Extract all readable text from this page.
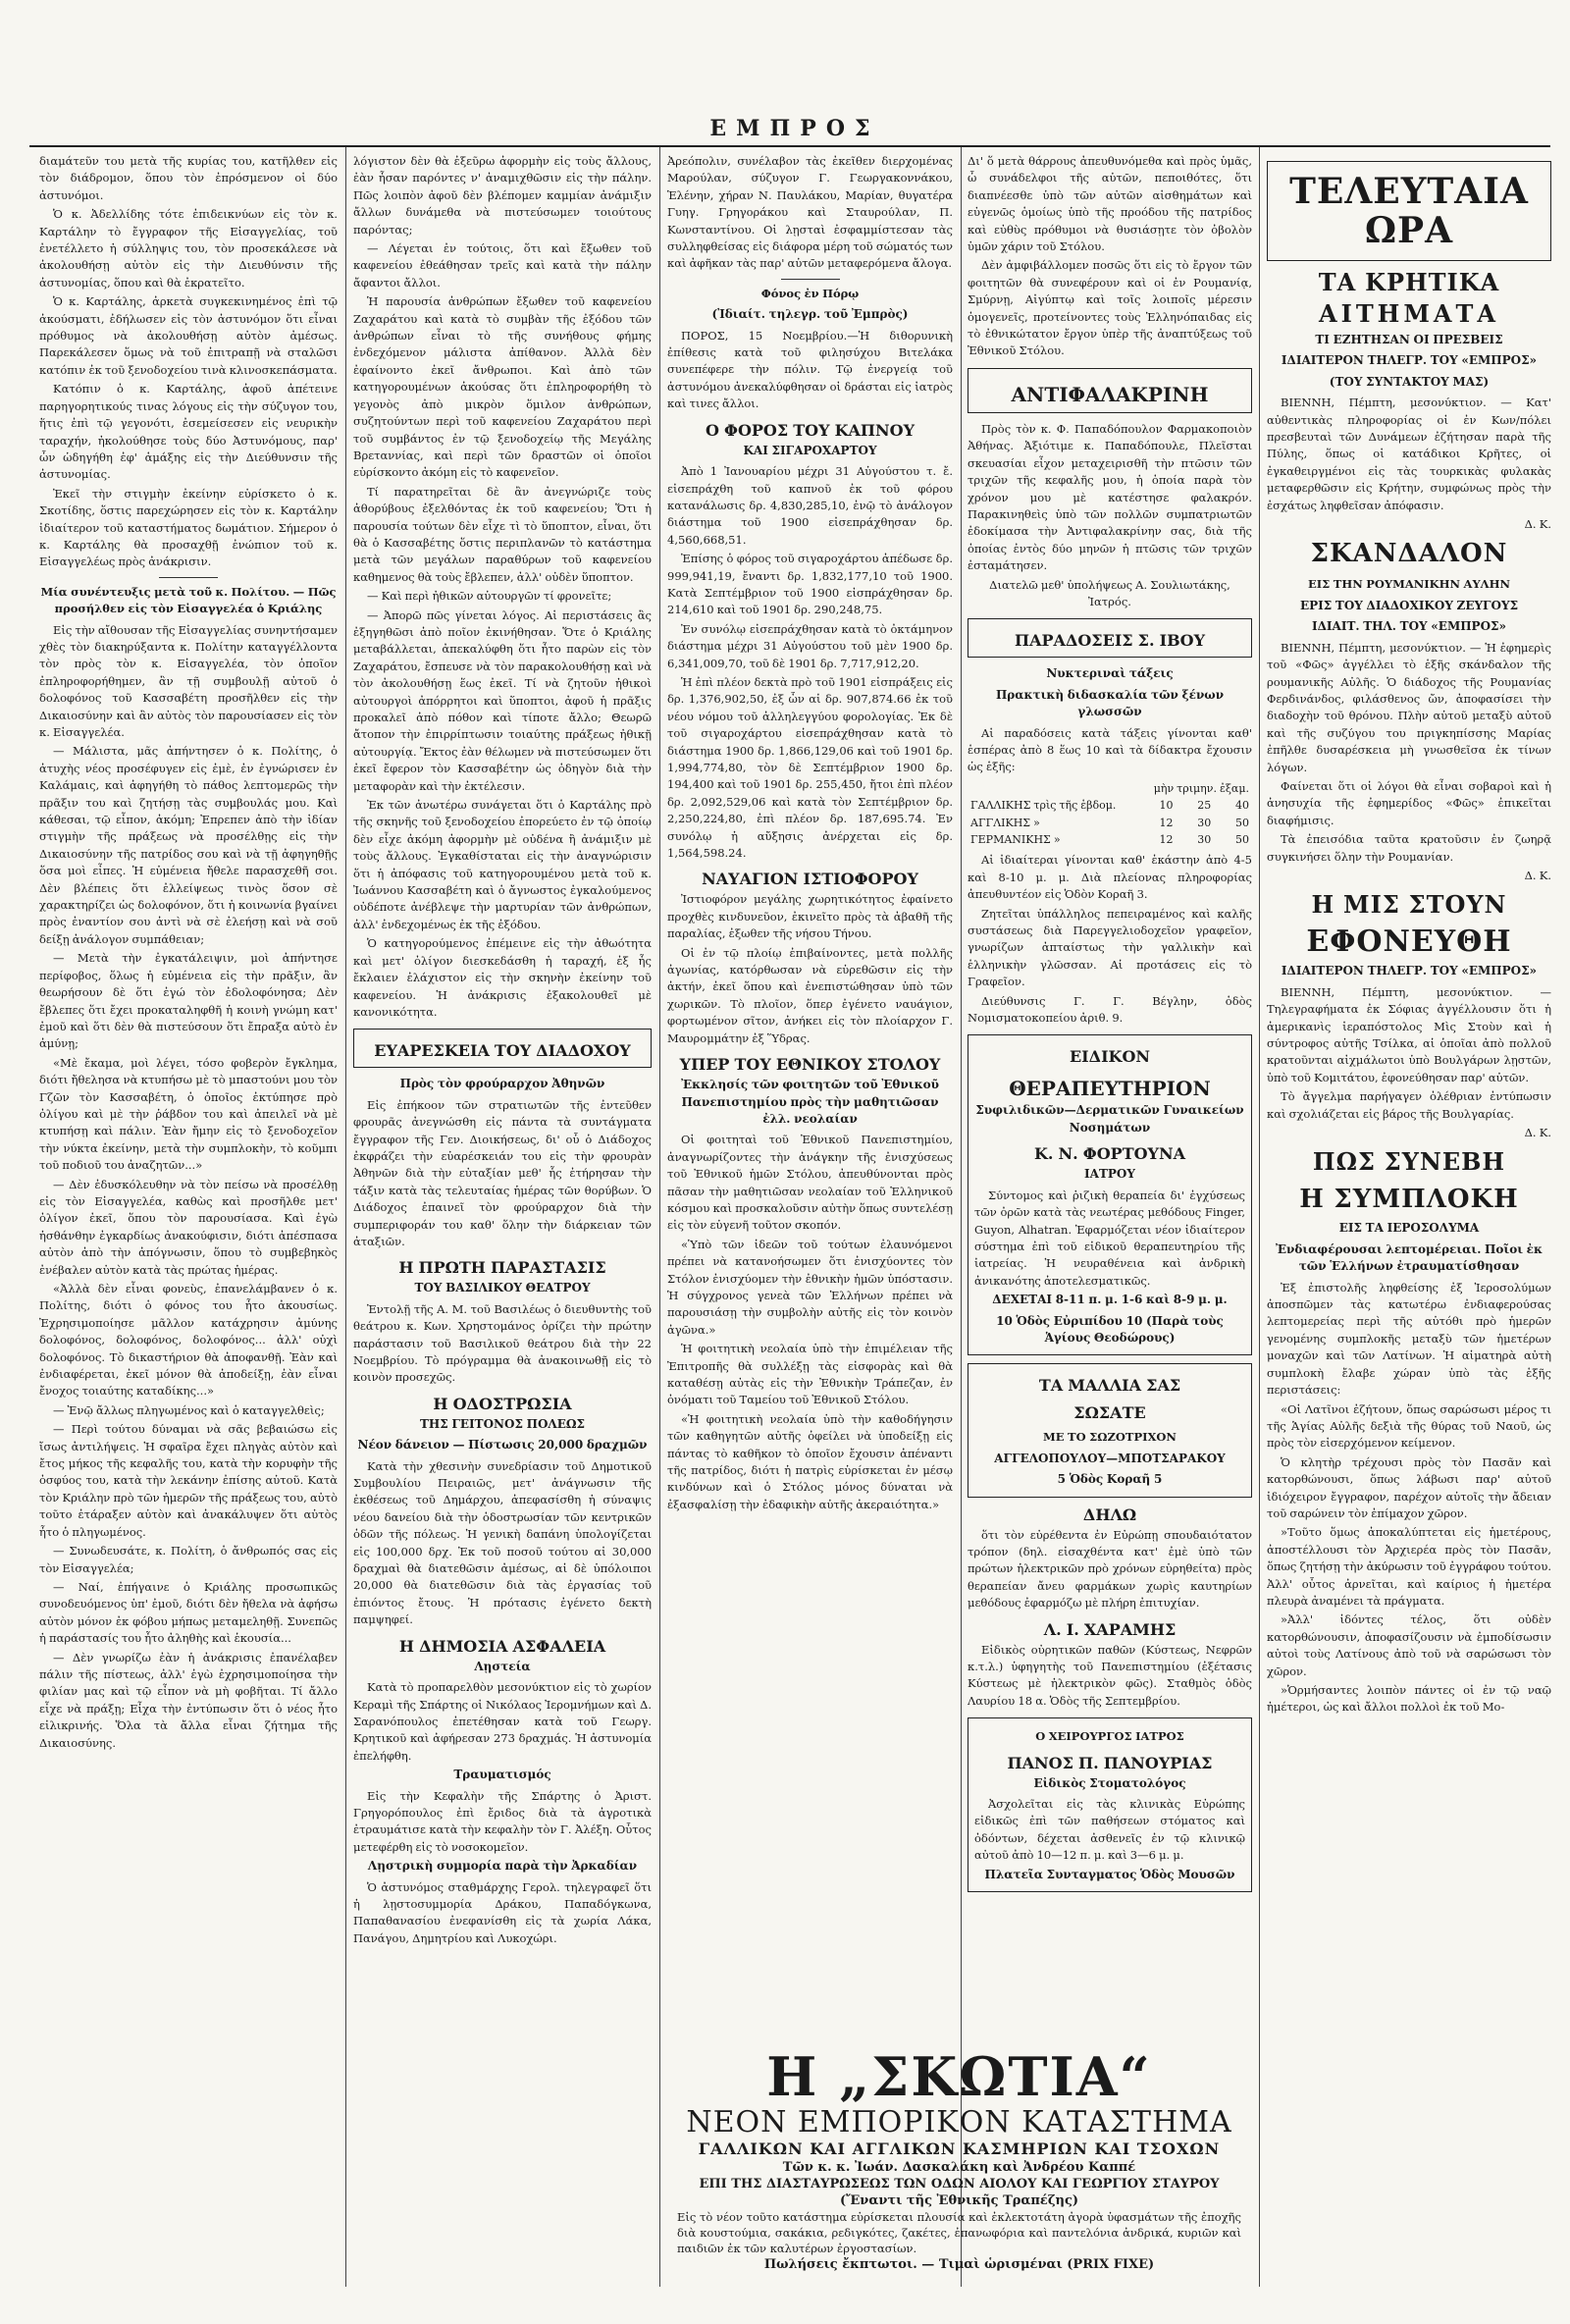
ΕΜΠΡΟΣ

διαμάτεῦν του μετὰ τῆς κυρίας του, κατῆλθεν εἰς τὸν διάδρομον, ὅπου τὸν ἐπρόσμενον οἱ δύο ἀστυνόμοι.

Ὁ κ. Ἀδελλίδης τότε ἐπιδεικνύων εἰς τὸν κ. Καρτάλην τὸ ἔγγραφον τῆς Εἰσαγγελίας, τοῦ ἐνετέλλετο ἡ σύλληψις του, τὸν προσεκάλεσε νὰ ἀκολουθήσῃ αὐτὸν εἰς τὴν Διευθύνσιν τῆς ἀστυνομίας, ὅπου καὶ θὰ ἐκρατεῖτο.

Ὁ κ. Καρτάλης, ἀρκετὰ συγκεκινημένος ἐπὶ τῷ ἀκούσματι, ἐδήλωσεν εἰς τὸν ἀστυνόμον ὅτι εἶναι πρόθυμος νὰ ἀκολουθήσῃ αὐτὸν ἀμέσως. Παρεκάλεσεν ὅμως νὰ τοῦ ἐπιτραπῇ νὰ σταλῶσι κατόπιν ἐκ τοῦ ξενοδοχείου τινὰ κλινοσκεπάσματα.

Κατόπιν ὁ κ. Καρτάλης, ἀφοῦ ἀπέτεινε παρηγορητικούς τινας λόγους εἰς τὴν σύζυγον του, ἥτις ἐπὶ τῷ γεγονότι, ἐσεμείσεσεν εἰς νευρικὴν ταραχήν, ἠκολούθησε τοὺς δύο Ἀστυνόμους, παρ' ὧν ὡδηγήθη ἐφ' ἁμάξης εἰς τὴν Διεύθυνσιν τῆς ἀστυνομίας.

Ἐκεῖ τὴν στιγμὴν ἐκείνην εὑρίσκετο ὁ κ. Σκοτίδης, ὅστις παρεχώρησεν εἰς τὸν κ. Καρτάλην ἰδιαίτερον τοῦ καταστήματος δωμάτιον. Σήμερον ὁ κ. Καρτάλης θὰ προσαχθῇ ἐνώπιον τοῦ κ. Εἰσαγγελέως πρὸς ἀνάκρισιν.

Μία συνέντευξις μετὰ τοῦ κ. Πολίτου. — Πῶς προσήλθεν εἰς τὸν Εἰσαγγελέα ὁ Κριάλης

Εἰς τὴν αἴθουσαν τῆς Εἰσαγγελίας συνηντήσαμεν χθὲς τὸν διακηρύξαντα κ. Πολίτην καταγγέλλοντα τὸν πρὸς τὸν κ. Εἰσαγγελέα, τὸν ὁποῖον ἐπληροφορήθημεν, ἂν τῇ συμβουλῇ αὐτοῦ ὁ δολοφόνος τοῦ Κασσαβέτη προσῆλθεν εἰς τὴν Δικαιοσύνην καὶ ἂν αὐτὸς τὸν παρουσίασεν εἰς τὸν κ. Εἰσαγγελέα.

— Μάλιστα, μᾶς ἀπήντησεν ὁ κ. Πολίτης, ὁ ἀτυχὴς νέος προσέφυγεν εἰς ἐμὲ, ἐν ἐγνώρισεν ἐν Καλάμαις, καὶ ἀφηγήθη τὸ πάθος λεπτομερῶς τὴν πρᾶξιν του καὶ ζητήσῃ τὰς συμβουλάς μου. Καὶ κάθεσαι, τῷ εἶπον, ἀκόμη; Ἐπρεπεν ἀπὸ τὴν ἰδίαν στιγμὴν τῆς πράξεως νὰ προσέλθῃς εἰς τὴν Δικαιοσύνην τῆς πατρίδος σου καὶ νὰ τῇ ἀφηγηθῇς ὅσα μοὶ εἶπες. Ἡ εὐμένεια ἤθελε παρασχεθῆ σοι. Δὲν βλέπεις ὅτι ἐλλείψεως τινὸς ὅσον σὲ χαρακτηρίζει ὡς δολοφόνον, ὅτι ἡ κοινωνία βγαίνει πρὸς ἐναντίον σου ἀντὶ νὰ σὲ ἐλεήσῃ καὶ νὰ σοῦ δείξῃ ἀνάλογον συμπάθειαν;

— Μετὰ τὴν ἐγκατάλειψιν, μοὶ ἀπήντησε περίφοβος, ὅλως ἡ εὐμένεια εἰς τὴν πρᾶξιν, ἂν θεωρήσουν δὲ ὅτι ἐγώ τὸν ἐδολοφόνησα; Δὲν ἔβλεπες ὅτι ἔχει προκαταληφθῆ ἡ κοινὴ γνώμη κατ' ἐμοῦ καὶ ὅτι δὲν θὰ πιστεύσουν ὅτι ἔπραξα αὐτὸ ἐν ἀμύνῃ;

«Μὲ ἔκαμα, μοὶ λέγει, τόσο φοβερὸν ἔγκλημα, διότι ἤθελησα νὰ κτυπήσω μὲ τὸ μπαστούνι μου τὸν Γζῶν τὸν Κασσαβέτη, ὁ ὁποῖος ἐκτύπησε πρὸ ὀλίγου καὶ μὲ τὴν ῥάβδον του καὶ ἀπειλεῖ νὰ μὲ κτυπήσῃ καὶ πάλιν. Ἐὰν ἤμην εἰς τὸ ξενοδοχεῖον τὴν νύκτα ἐκείνην, μετὰ τὴν συμπλοκὴν, τὸ κοῦμπι τοῦ ποδιοῦ του ἀναζητῶν...»

— Δὲν ἐδυσκόλευθην νὰ τὸν πείσω νὰ προσέλθῃ εἰς τὸν Εἰσαγγελέα, καθὼς καὶ προσῆλθε μετ' ὀλίγον ἐκεῖ, ὅπου τὸν παρουσίασα. Καὶ ἐγὼ ἠσθάνθην ἐγκαρδίως ἀνακούφισιν, διότι ἀπέσπασα αὐτὸν ἀπὸ τὴν ἀπόγνωσιν, ὅπου τὸ συμβεβηκὸς ἐνέβαλεν αὐτὸν κατὰ τὰς πρώτας ἡμέρας.

«Ἀλλὰ δὲν εἶναι φονεὺς, ἐπανελάμβανεν ὁ κ. Πολίτης, διότι ὁ φόνος του ἦτο ἀκουσίως. Ἐχρησιμοποίησε μᾶλλον κατάχρησιν ἀμύνης δολοφόνος, δολοφόνος, δολοφόνος... ἀλλ' οὐχὶ δολοφόνος. Τὸ δικαστήριον θὰ ἀποφανθῇ. Ἐὰν καὶ ἐνδιαφέρεται, ἐκεῖ μόνον θὰ ἀποδείξῃ, ἐὰν εἶναι ἔνοχος τοιαύτης καταδίκης...»

— Ἐνῷ ἄλλως πληγωμένος καὶ ὁ καταγγελθεὶς;

— Περὶ τούτου δύναμαι νὰ σᾶς βεβαιώσω εἰς ἴσως ἀντιλήψεις. Ἡ σφαῖρα ἔχει πληγὰς αὐτὸν καὶ ἔτος μήκος τῆς κεφαλῆς του, κατὰ τὴν κορυφὴν τῆς ὀσφύος του, κατὰ τὴν λεκάνην ἐπίσης αὐτοῦ. Κατὰ τὸν Κριάλην πρὸ τῶν ἡμερῶν τῆς πράξεως του, αὐτὸ τοῦτο ἐτάραξεν αὐτὸν καὶ ἀνακάλυψεν ὅτι αὐτὸς ἦτο ὁ πληγωμένος.

— Συνωδευσάτε, κ. Πολίτη, ὁ ἄνθρωπός σας εἰς τὸν Εἰσαγγελέα;

— Ναί, ἐπήγαινε ὁ Κριάλης προσωπικῶς συνοδευόμενος ὑπ' ἐμοῦ, διότι δὲν ἤθελα νὰ ἀφήσω αὐτὸν μόνον ἐκ φόβου μήπως μεταμεληθῇ. Συνεπῶς ἡ παράστασίς του ἦτο ἀληθὴς καὶ ἑκουσία...

— Δὲν γνωρίζω ἐὰν ἡ ἀνάκρισις ἐπανέλαβεν πάλιν τῆς πίστεως, ἀλλ' ἐγὼ ἐχρησιμοποίησα τὴν φιλίαν μας καὶ τῷ εἶπον νὰ μὴ φοβῆται. Τί ἄλλο εἶχε νὰ πράξῃ; Εἶχα τὴν ἐντύπωσιν ὅτι ὁ νέος ἦτο εἰλικρινής. Ὅλα τὰ ἄλλα εἶναι ζήτημα τῆς Δικαιοσύνης.

λόγιστον δὲν θὰ ἐξεῦρω ἀφορμὴν εἰς τοὺς ἄλλους, ἐὰν ἦσαν παρόντες ν' ἀναμιχθῶσιν εἰς τὴν πάλην. Πῶς λοιπὸν ἀφοῦ δὲν βλέπομεν καμμίαν ἀνάμιξιν ἄλλων δυνάμεθα νὰ πιστεύσωμεν τοιούτους παρόντας;

— Λέγεται ἐν τούτοις, ὅτι καὶ ἔξωθεν τοῦ καφενείου ἐθεάθησαν τρεῖς καὶ κατὰ τὴν πάλην ἄφαντοι ἄλλοι.

Ἡ παρουσία ἀνθρώπων ἔξωθεν τοῦ καφενείου Ζαχαράτου καὶ κατὰ τὸ συμβὰν τῆς ἐξόδου τῶν ἀνθρώπων εἶναι τὸ τῆς συνήθους φήμης ἐνδεχόμενον μάλιστα ἀπίθανον. Ἀλλὰ δὲν ἐφαίνοντο ἐκεῖ ἄνθρωποι. Καὶ ἀπὸ τῶν κατηγορουμένων ἀκούσας ὅτι ἐπληροφορήθη τὸ γεγονὸς ἀπὸ μικρὸν ὅμιλον ἀνθρώπων, συζητούντων περὶ τοῦ καφενείου Ζαχαράτου περὶ τοῦ συμβάντος ἐν τῷ ξενοδοχείῳ τῆς Μεγάλης Βρεταννίας, καὶ περὶ τῶν δραστῶν οἱ ὁποῖοι εὑρίσκοντο ἀκόμη εἰς τὸ καφενεῖον.

Τί παρατηρεῖται δὲ ἂν ἀνεγνώριζε τοὺς ἀθορύβους ἐξελθόντας ἐκ τοῦ καφενείου; Ὅτι ἡ παρουσία τούτων δὲν εἶχε τὶ τὸ ὕποπτον, εἶναι, ὅτι θὰ ὁ Κασσαβέτης ὅστις περιπλανῶν τὸ κατάστημα μετὰ τῶν μεγάλων παραθύρων τοῦ καφενείου καθημενος θὰ τοὺς ἔβλεπεν, ἀλλ' οὐδὲν ὕποπτον.

— Καὶ περὶ ἠθικῶν αὐτουργῶν τί φρονεῖτε;

— Ἀπορῶ πῶς γίνεται λόγος. Αἱ περιστάσεις ἂς ἐξηγηθῶσι ἀπὸ ποῖον ἐκινήθησαν. Ὅτε ὁ Κριάλης μεταβάλλεται, ἀπεκαλύφθη ὅτι ἦτο παρὼν εἰς τὸν Ζαχαράτου, ἔσπευσε νὰ τὸν παρακολουθήσῃ καὶ νὰ τὸν ἀκολουθήσῃ ἕως ἐκεῖ. Τί νὰ ζητοῦν ἠθικοὶ αὐτουργοὶ ἀπόρρητοι καὶ ὕποπτοι, ἀφοῦ ἡ πρᾶξις προκαλεῖ ἀπὸ πόθον καὶ τίποτε ἄλλο; Θεωρῶ ἄτοπον τὴν ἐπιρρίπτωσιν τοιαύτης πράξεως ἠθικῇ αὐτουργίᾳ. Ἔκτος ἐὰν θέλωμεν νὰ πιστεύσωμεν ὅτι ἐκεῖ ἔφερον τὸν Κασσαβέτην ὡς ὁδηγὸν διὰ τὴν μεταφορὰν καὶ τὴν ἐκτέλεσιν.

Ἐκ τῶν ἀνωτέρω συνάγεται ὅτι ὁ Καρτάλης πρὸ τῆς σκηνῆς τοῦ ξενοδοχείου ἐπορεύετο ἐν τῷ ὁποίῳ δὲν εἶχε ἀκόμη ἀφορμὴν μὲ οὐδένα ἢ ἀνάμιξιν μὲ τοὺς ἄλλους. Ἐγκαθίσταται εἰς τὴν ἀναγνώρισιν ὅτι ἡ ἀπόφασις τοῦ κατηγορουμένου μετὰ τοῦ κ. Ἰωάννου Κασσαβέτη καὶ ὁ ἄγνωστος ἐγκαλούμενος οὐδέποτε ἀνέβλεψε τὴν μαρτυρίαν τῶν ἀνθρώπων, ἀλλ' ἐνδεχομένως ἐκ τῆς ἐξόδου.

Ὁ κατηγορούμενος ἐπέμεινε εἰς τὴν ἀθωότητα καὶ μετ' ὀλίγον διεσκεδάσθη ἡ ταραχή, ἐξ ἧς ἔκλαιεν ἐλάχιστον εἰς τὴν σκηνὴν ἐκείνην τοῦ καφενείου. Ἡ ἀνάκρισις ἐξακολουθεῖ μὲ κανονικότητα.

ΕΥΑΡΕΣΚΕΙΑ ΤΟΥ ΔΙΑΔΟΧΟΥ

Πρὸς τὸν φρούραρχον Ἀθηνῶν

Εἰς ἐπήκοον τῶν στρατιωτῶν τῆς ἐντεῦθεν φρουρᾶς ἀνεγνώσθη εἰς πάντα τὰ συντάγματα ἔγγραφον τῆς Γεν. Διοικήσεως, δι' οὗ ὁ Διάδοχος ἐκφράζει τὴν εὐαρέσκειάν του εἰς τὴν φρουρὰν Ἀθηνῶν διὰ τὴν εὐταξίαν μεθ' ἧς ἐτήρησαν τὴν τάξιν κατὰ τὰς τελευταίας ἡμέρας τῶν θορύβων. Ὁ Διάδοχος ἐπαινεῖ τὸν φρούραρχον διὰ τὴν συμπεριφοράν του καθ' ὅλην τὴν διάρκειαν τῶν ἀταξιῶν.

Η ΠΡΩΤΗ ΠΑΡΑΣΤΑΣΙΣ

ΤΟΥ ΒΑΣΙΛΙΚΟΥ ΘΕΑΤΡΟΥ

Ἐντολῇ τῆς Α. Μ. τοῦ Βασιλέως ὁ διευθυντὴς τοῦ θεάτρου κ. Κων. Χρηστομάνος ὁρίζει τὴν πρώτην παράστασιν τοῦ Βασιλικοῦ θεάτρου διὰ τὴν 22 Νοεμβρίου. Τὸ πρόγραμμα θὰ ἀνακοινωθῇ εἰς τὸ κοινὸν προσεχῶς.

Η ΟΔΟΣΤΡΩΣΙΑ

ΤΗΣ ΓΕΙΤΟΝΟΣ ΠΟΛΕΩΣ

Νέον δάνειον — Πίστωσις 20,000 δραχμῶν

Κατὰ τὴν χθεσινὴν συνεδρίασιν τοῦ Δημοτικοῦ Συμβουλίου Πειραιῶς, μετ' ἀνάγνωσιν τῆς ἐκθέσεως τοῦ Δημάρχου, ἀπεφασίσθη ἡ σύναψις νέου δανείου διὰ τὴν ὁδοστρωσίαν τῶν κεντρικῶν ὁδῶν τῆς πόλεως. Ἡ γενικὴ δαπάνη ὑπολογίζεται εἰς 100,000 δρχ. Ἐκ τοῦ ποσοῦ τούτου αἱ 30,000 δραχμαὶ θὰ διατεθῶσιν ἀμέσως, αἱ δὲ ὑπόλοιποι 20,000 θὰ διατεθῶσιν διὰ τὰς ἐργασίας τοῦ ἐπιόντος ἔτους. Ἡ πρότασις ἐγένετο δεκτὴ παμψηφεί.

Η ΔΗΜΟΣΙΑ ΑΣΦΑΛΕΙΑ

Λῃστεία

Κατὰ τὸ προπαρελθὸν μεσονύκτιον εἰς τὸ χωρίον Κεραμὶ τῆς Σπάρτης οἱ Νικόλαος Ἰερομνήμων καὶ Δ. Σαρανόπουλος ἐπετέθησαν κατὰ τοῦ Γεωργ. Κρητικοῦ καὶ ἀφήρεσαν 273 δραχμάς. Ἡ ἀστυνομία ἐπελήφθη.

Τραυματισμός

Εἰς τὴν Κεφαλὴν τῆς Σπάρτης ὁ Ἀριστ. Γρηγορόπουλος ἐπὶ ἔριδος διὰ τὰ ἀγροτικὰ ἐτραυμάτισε κατὰ τὴν κεφαλὴν τὸν Γ. Ἀλέξη. Οὗτος μετεφέρθη εἰς τὸ νοσοκομεῖον.

Λῃστρικὴ συμμορία παρὰ τὴν Ἀρκαδίαν

Ὁ ἀστυνόμος σταθμάρχης Γερολ. τηλεγραφεῖ ὅτι ἡ λῃστοσυμμορία Δράκου, Παπαδόγκωνα, Παπαθανασίου ἐνεφανίσθη εἰς τὰ χωρία Λάκα, Πανάγου, Δημητρίου καὶ Λυκοχώρι.

Ἀρεόπολιν, συνέλαβον τὰς ἐκεῖθεν διερχομένας Μαρούλαν, σύζυγον Γ. Γεωργακοννάκου, Ἑλένην, χήραν Ν. Παυλάκου, Μαρίαν, θυγατέρα Γυηγ. Γρηγοράκου καὶ Σταυρούλαν, Π. Κωνσταντίνου. Οἱ λῃσταὶ ἐσφαμμίστεσαν τὰς συλληφθείσας εἰς διάφορα μέρη τοῦ σώματός των καὶ ἀφῆκαν τὰς παρ' αὐτῶν μεταφερόμενα ἄλογα.

Φόνος ἐν Πόρῳ

(Ἰδιαίτ. τηλεγρ. τοῦ Ἐμπρὸς)

ΠΟΡΟΣ, 15 Νοεμβρίου.—Ἡ διθορυνικὴ ἐπίθεσις κατὰ τοῦ φιλησύχου Βιτελάκα συνεπέφερε τὴν πόλιν. Τῷ ἐνεργείᾳ τοῦ ἀστυνόμου ἀνεκαλύφθησαν οἱ δράσται εἰς ἰατρὸς καὶ τινες ἄλλοι.

Ο ΦΟΡΟΣ ΤΟΥ ΚΑΠΝΟΥ

ΚΑΙ ΣΙΓΑΡΟΧΑΡΤΟΥ

Ἀπὸ 1 Ἰανουαρίου μέχρι 31 Αὐγούστου τ. ἔ. εἰσεπράχθη τοῦ καπνοῦ ἐκ τοῦ φόρου κατανάλωσις δρ. 4,830,285,10, ἐνῷ τὸ ἀνάλογον διάστημα τοῦ 1900 εἰσεπράχθησαν δρ. 4,560,668,51.

Ἐπίσης ὁ φόρος τοῦ σιγαροχάρτου ἀπέδωσε δρ. 999,941,19, ἔναντι δρ. 1,832,177,10 τοῦ 1900. Κατὰ Σεπτέμβριον τοῦ 1900 εἰσπράχθησαν δρ. 214,610 καὶ τοῦ 1901 δρ. 290,248,75.

Ἐν συνόλῳ εἰσεπράχθησαν κατὰ τὸ ὀκτάμηνον διάστημα μέχρι 31 Αὐγούστου τοῦ μὲν 1900 δρ. 6,341,009,70, τοῦ δὲ 1901 δρ. 7,717,912,20.

Ἡ ἐπὶ πλέον δεκτὰ πρὸ τοῦ 1901 εἰσπράξεις εἰς δρ. 1,376,902,50, ἐξ ὧν αἱ δρ. 907,874.66 ἐκ τοῦ νέου νόμου τοῦ ἀλληλεγγύου φορολογίας. Ἐκ δὲ τοῦ σιγαροχάρτου εἰσεπράχθησαν κατὰ τὸ διάστημα 1900 δρ. 1,866,129,06 καὶ τοῦ 1901 δρ. 1,994,774,80, τὸν δὲ Σεπτέμβριον 1900 δρ. 194,400 καὶ τοῦ 1901 δρ. 255,450, ἤτοι ἐπὶ πλέον δρ. 2,092,529,06 καὶ κατὰ τὸν Σεπτέμβριον δρ. 2,250,224,80, ἐπὶ πλέον δρ. 187,695.74. Ἐν συνόλῳ ἡ αὔξησις ἀνέρχεται εἰς δρ. 1,564,598.24.

ΝΑΥΑΓΙΟΝ ΙΣΤΙΟΦΟΡΟΥ

Ἰστιοφόρον μεγάλης χωρητικότητος ἐφαίνετο προχθὲς κινδυνεῦον, ἐκινεῖτο πρὸς τὰ ἀβαθῆ τῆς παραλίας, ἐξωθεν τῆς νήσου Τήνου.

Οἱ ἐν τῷ πλοίῳ ἐπιβαίνοντες, μετὰ πολλῆς ἀγωνίας, κατόρθωσαν νὰ εὑρεθῶσιν εἰς τὴν ἀκτήν, ἐκεῖ ὅπου καὶ ἐνεπιστώθησαν ὑπὸ τῶν χωρικῶν. Τὸ πλοῖον, ὅπερ ἐγένετο ναυάγιον, φορτωμένον σῖτον, ἀνήκει εἰς τὸν πλοίαρχον Γ. Μαυρομμάτην ἐξ Ὕδρας.

ΥΠΕΡ ΤΟΥ ΕΘΝΙΚΟΥ ΣΤΟΛΟΥ

Ἐκκλησίς τῶν φοιτητῶν τοῦ Ἐθνικοῦ Πανεπιστημίου πρὸς τὴν μαθητιῶσαν ἐλλ. νεολαίαν

Οἱ φοιτηταὶ τοῦ Ἐθνικοῦ Πανεπιστημίου, ἀναγνωρίζοντες τὴν ἀνάγκην τῆς ἐνισχύσεως τοῦ Ἐθνικοῦ ἡμῶν Στόλου, ἀπευθύνονται πρὸς πᾶσαν τὴν μαθητιῶσαν νεολαίαν τοῦ Ἑλληνικοῦ κόσμου καὶ προσκαλοῦσιν αὐτὴν ὅπως συντελέσῃ εἰς τὸν εὐγενῆ τοῦτον σκοπόν.

«Ὑπὸ τῶν ἰδεῶν τοῦ τούτων ἐλαυνόμενοι πρέπει νὰ κατανοήσωμεν ὅτι ἐνισχύοντες τὸν Στόλον ἐνισχύομεν τὴν ἐθνικὴν ἡμῶν ὑπόστασιν. Ἡ σύγχρονος γενεὰ τῶν Ἑλλήνων πρέπει νὰ παρουσιάσῃ τὴν συμβολὴν αὐτῆς εἰς τὸν κοινὸν ἀγῶνα.»

Ἡ φοιτητικὴ νεολαία ὑπὸ τὴν ἐπιμέλειαν τῆς Ἐπιτροπῆς θὰ συλλέξῃ τὰς εἰσφορὰς καὶ θὰ καταθέσῃ αὐτὰς εἰς τὴν Ἐθνικὴν Τράπεζαν, ἐν ὀνόματι τοῦ Ταμείου τοῦ Ἐθνικοῦ Στόλου.

«Ἡ φοιτητικὴ νεολαία ὑπὸ τὴν καθοδήγησιν τῶν καθηγητῶν αὐτῆς ὀφείλει νὰ ὑποδείξῃ εἰς πάντας τὸ καθῆκον τὸ ὁποῖον ἔχουσιν ἀπέναντι τῆς πατρίδος, διότι ἡ πατρὶς εὑρίσκεται ἐν μέσῳ κινδύνων καὶ ὁ Στόλος μόνος δύναται νὰ ἐξασφαλίσῃ τὴν ἐδαφικὴν αὐτῆς ἀκεραιότητα.»

Δι' ὅ μετὰ θάρρους ἀπευθυνόμεθα καὶ πρὸς ὑμᾶς, ὦ συνάδελφοι τῆς αὐτῶν, πεποιθότες, ὅτι διαπνέεσθε ὑπὸ τῶν αὐτῶν αἰσθημάτων καὶ εὐγενῶς ὁμοίως ὑπὸ τῆς προόδου τῆς πατρίδος καὶ εὐθὺς πρόθυμοι νὰ θυσιάσῃτε τὸν ὀβολὸν ὑμῶν χάριν τοῦ Στόλου.

Δὲν ἀμφιβάλλομεν ποσῶς ὅτι εἰς τὸ ἔργον τῶν φοιτητῶν θὰ συνεφέρουν καὶ οἱ ἐν Ρουμανίᾳ, Σμύρνῃ, Αἰγύπτῳ καὶ τοῖς λοιποῖς μέρεσιν ὁμογενεῖς, προτείνοντες τοὺς Ἑλληνόπαιδας εἰς τὸ ἐθνικώτατον ἔργον ὑπὲρ τῆς ἀναπτύξεως τοῦ Ἐθνικοῦ Στόλου.

ΑΝΤΙΦΑΛΑΚΡΙΝΗ

Πρὸς τὸν κ. Φ. Παπαδόπουλον Φαρμακοποιὸν Ἀθήνας. Ἀξιότιμε κ. Παπαδόπουλε, Πλεῖσται σκευασίαι εἶχον μεταχειρισθῆ τὴν πτῶσιν τῶν τριχῶν τῆς κεφαλῆς μου, ἡ ὁποία παρὰ τὸν χρόνον μου μὲ κατέστησε φαλακρόν. Παρακινηθεὶς ὑπὸ τῶν πολλῶν συμπατριωτῶν ἐδοκίμασα τὴν Ἀντιφαλακρίνην σας, διὰ τῆς ὁποίας ἐντὸς δύο μηνῶν ἡ πτῶσις τῶν τριχῶν ἐσταμάτησεν.

Διατελῶ μεθ' ὑπολήψεως Α. Σουλιωτάκης, Ἰατρός.

ΠΑΡΑΔΟΣΕΙΣ Σ. ΙΒΟΥ

Νυκτεριναὶ τάξεις

Πρακτικὴ διδασκαλία τῶν ξένων γλωσσῶν

Αἱ παραδόσεις κατὰ τάξεις γίνονται καθ' ἑσπέρας ἀπὸ 8 ἕως 10 καὶ τὰ δίδακτρα ἔχουσιν ὡς ἑξῆς:

	μὴν τριμην. ἐξαμ.		
ΓΑΛΛΙΚΗΣ τρὶς τῆς ἑβδομ.	10	25	40
ΑΓΓΛΙΚΗΣ »	12	30	50
ΓΕΡΜΑΝΙΚΗΣ »	12	30	50

Αἱ ἰδιαίτεραι γίνονται καθ' ἑκάστην ἀπὸ 4-5 καὶ 8-10 μ. μ. Διὰ πλείονας πληροφορίας ἀπευθυντέον εἰς Ὁδὸν Κοραῆ 3.

Ζητεῖται ὑπάλληλος πεπειραμένος καὶ καλῆς συστάσεως διὰ Παρεγγελιοδοχεῖον γραφεῖον, γνωρίζων ἀπταίστως τὴν γαλλικὴν καὶ ἑλληνικὴν γλῶσσαν. Αἱ προτάσεις εἰς τὸ Γραφεῖον.

Διεύθυνσις Γ. Γ. Βέγλην, ὁδὸς Νομισματοκοπείου ἀριθ. 9.

ΕΙΔΙΚΟΝ

ΘΕΡΑΠΕΥΤΗΡΙΟΝ

Συφιλιδικῶν—Δερματικῶν Γυναικείων Νοσημάτων

Κ. Ν. ΦΟΡΤΟΥΝΑ

ΙΑΤΡΟΥ

Σύντομος καὶ ῥιζικὴ θεραπεία δι' ἐγχύσεως τῶν ὀρῶν κατὰ τὰς νεωτέρας μεθόδους Finger, Guyon, Alhatran. Ἐφαρμόζεται νέον ἰδιαίτερον σύστημα ἐπὶ τοῦ εἰδικοῦ θεραπευτηρίου τῆς ἰατρείας. Ἡ νευραθένεια καὶ ἀνδρικὴ ἀνικανότης ἀποτελεσματικῶς.

ΔΕΧΕΤΑΙ 8-11 π. μ. 1-6 καὶ 8-9 μ. μ.

10 Ὁδὸς Εὐριπίδου 10 (Παρὰ τοὺς Ἁγίους Θεοδώρους)

ΤΑ ΜΑΛΛΙΑ ΣΑΣ

ΣΩΣΑΤΕ

ΜΕ ΤΟ ΣΩΖΟΤΡΙΧΟΝ

ΑΓΓΕΛΟΠΟΥΛΟΥ—ΜΠΟΤΣΑΡΑΚΟΥ

5 Ὁδὸς Κοραῆ 5

ΔΗΛΩ

ὅτι τὸν εὐρέθεντα ἐν Εὐρώπῃ σπουδαιότατον τρόπον (δηλ. εἰσαχθέντα κατ' ἐμὲ ὑπὸ τῶν πρώτων ἡλεκτρικῶν πρὸ χρόνων εὑρηθείτα) πρὸς θεραπείαν ἄνευ φαρμάκων χωρὶς καυτηρίων μεθόδους ἐφαρμόζω μὲ πλήρη ἐπιτυχίαν.

Λ. Ι. ΧΑΡΑΜΗΣ

Εἰδικὸς οὐρητικῶν παθῶν (Κύστεως, Νεφρῶν κ.τ.λ.) ὑφηγητὴς τοῦ Πανεπιστημίου (ἐξέτασις Κύστεως μὲ ἡλεκτρικὸν φῶς). Σταθμὸς ὁδὸς Λαυρίου 18 α. Ὁδὸς τῆς Σεπτεμβρίου.

Ο ΧΕΙΡΟΥΡΓΟΣ ΙΑΤΡΟΣ

ΠΑΝΟΣ Π. ΠΑΝΟΥΡΙΑΣ

Εἰδικὸς Στοματολόγος

Ἀσχολεῖται εἰς τὰς κλινικὰς Εὐρώπης εἰδικῶς ἐπὶ τῶν παθήσεων στόματος καὶ ὀδόντων, δέχεται ἀσθενεῖς ἐν τῷ κλινικῷ αὐτοῦ ἀπὸ 10—12 π. μ. καὶ 3—6 μ. μ.

Πλατεῖα Συνταγματος Ὁδὸς Μουσῶν

ΤΕΛΕΥΤΑΙΑ ΩΡΑ

ΤΑ ΚΡΗΤΙΚΑ

ΑΙΤΗΜΑΤΑ

ΤΙ ΕΖΗΤΗΣΑΝ ΟΙ ΠΡΕΣΒΕΙΣ

ΙΔΙΑΙΤΕΡΟΝ ΤΗΛΕΓΡ. ΤΟΥ «ΕΜΠΡΟΣ»

(ΤΟΥ ΣΥΝΤΑΚΤΟΥ ΜΑΣ)

ΒΙΕΝΝΗ, Πέμπτη, μεσονύκτιον. — Κατ' αὐθεντικὰς πληροφορίας οἱ ἐν Κων/πόλει πρεσβευταὶ τῶν Δυνάμεων ἐζήτησαν παρὰ τῆς Πύλης, ὅπως οἱ κατάδικοι Κρῆτες, οἱ ἐγκαθειργμένοι εἰς τὰς τουρκικὰς φυλακὰς μεταφερθῶσιν εἰς Κρήτην, συμφώνως πρὸς τὴν ἐσχάτως ληφθεῖσαν ἀπόφασιν.

Δ. Κ.

ΣΚΑΝΔΑΛΟΝ

ΕΙΣ ΤΗΝ ΡΟΥΜΑΝΙΚΗΝ ΑΥΛΗΝ

ΕΡΙΣ ΤΟΥ ΔΙΑΔΟΧΙΚΟΥ ΖΕΥΓΟΥΣ

ΙΔΙΑΙΤ. ΤΗΛ. ΤΟΥ «ΕΜΠΡΟΣ»

ΒΙΕΝΝΗ, Πέμπτη, μεσονύκτιον. — Ἡ ἐφημερὶς τοῦ «Φῶς» ἀγγέλλει τὸ ἑξῆς σκάνδαλον τῆς ρουμανικῆς Αὐλῆς. Ὁ διάδοχος τῆς Ρουμανίας Φερδινάνδος, φιλάσθενος ὤν, ἀποφασίσει τὴν διαδοχὴν τοῦ θρόνου. Πλὴν αὐτοῦ μεταξὺ αὐτοῦ καὶ τῆς συζύγου του πριγκηπίσσης Μαρίας ἐπῆλθε δυσαρέσκεια μὴ γνωσθεῖσα ἐκ τίνων λόγων.

Φαίνεται ὅτι οἱ λόγοι θὰ εἶναι σοβαροὶ καὶ ἡ ἀνησυχία τῆς ἐφημερίδος «Φῶς» ἐπικεῖται διαφήμισις.

Τὰ ἐπεισόδια ταῦτα κρατοῦσιν ἐν ζωηρᾷ συγκινήσει ὅλην τὴν Ρουμανίαν.

Δ. Κ.

Η ΜΙΣ ΣΤΟΥΝ

ΕΦΟΝΕΥΘΗ

ΙΔΙΑΙΤΕΡΟΝ ΤΗΛΕΓΡ. ΤΟΥ «ΕΜΠΡΟΣ»

ΒΙΕΝΝΗ, Πέμπτη, μεσονύκτιον. — Τηλεγραφήματα ἐκ Σόφιας ἀγγέλλουσιν ὅτι ἡ ἀμερικανὶς ἱεραπόστολος Μὶς Στοὺν καὶ ἡ σύντροφος αὐτῆς Τσίλκα, αἱ ὁποῖαι ἀπὸ πολλοῦ κρατοῦνται αἰχμάλωτοι ὑπὸ Βουλγάρων λῃστῶν, ὑπὸ τοῦ Κομιτάτου, ἐφονεύθησαν παρ' αὐτῶν.

Τὸ ἄγγελμα παρήγαγεν ὀλέθριαν ἐντύπωσιν καὶ σχολιάζεται εἰς βάρος τῆς Βουλγαρίας.

Δ. Κ.

ΠΩΣ ΣΥΝΕΒΗ

Η ΣΥΜΠΛΟΚΗ

ΕΙΣ ΤΑ ΙΕΡΟΣΟΛΥΜΑ

Ἐνδιαφέρουσαι λεπτομέρειαι. Ποῖοι ἐκ τῶν Ἑλλήνων ἐτραυματίσθησαν

Ἐξ ἐπιστολῆς ληφθείσης ἐξ Ἱεροσολύμων ἀποσπῶμεν τὰς κατωτέρω ἐνδιαφερούσας λεπτομερείας περὶ τῆς αὐτόθι πρὸ ἡμερῶν γενομένης συμπλοκῆς μεταξὺ τῶν ἡμετέρων μοναχῶν καὶ τῶν Λατίνων. Ἡ αἱματηρὰ αὐτὴ συμπλοκὴ ἔλαβε χώραν ὑπὸ τὰς ἑξῆς περιστάσεις:

«Οἱ Λατῖνοι ἐζήτουν, ὅπως σαρώσωσι μέρος τι τῆς Ἁγίας Αὐλῆς δεξιὰ τῆς θύρας τοῦ Ναοῦ, ὡς πρὸς τὸν εἰσερχόμενον κείμενον.

Ὁ κλητὴρ τρέχουσι πρὸς τὸν Πασᾶν καὶ κατορθώνουσι, ὅπως λάβωσι παρ' αὐτοῦ ἰδιόχειρον ἔγγραφον, παρέχον αὐτοῖς τὴν ἄδειαν τοῦ σαρώνειν τὸν ἐπίμαχον χῶρον.

»Τοῦτο ὅμως ἀποκαλύπτεται εἰς ἡμετέρους, ἀποστέλλουσι τὸν Ἀρχιερέα πρὸς τὸν Πασᾶν, ὅπως ζητήσῃ τὴν ἀκύρωσιν τοῦ ἐγγράφου τούτου. Ἀλλ' οὗτος ἀρνεῖται, καὶ καίριος ἡ ἡμετέρα πλευρὰ ἀναμένει τὰ πράγματα.

»Ἀλλ' ἰδόντες τέλος, ὅτι οὐδὲν κατορθώνουσιν, ἀποφασίζουσιν νὰ ἐμποδίσωσιν αὐτοὶ τοὺς Λατίνους ἀπὸ τοῦ νὰ σαρώσωσι τὸν χῶρον.

»Ὁρμήσαντες λοιπὸν πάντες οἱ ἐν τῷ ναῷ ἡμέτεροι, ὡς καὶ ἄλλοι πολλοὶ ἐκ τοῦ Μο-

Η „ΣΚΩΤΙΑ“
ΝΕΟΝ ΕΜΠΟΡΙΚΟΝ ΚΑΤΑΣΤΗΜΑ
ΓΑΛΛΙΚΩΝ ΚΑΙ ΑΓΓΛΙΚΩΝ ΚΑΣΜΗΡΙΩΝ ΚΑΙ ΤΣΟΧΩΝ
Τῶν κ. κ. Ἰωάν. Δασκαλάκη καὶ Ἀνδρέου Καππέ
ΕΠΙ ΤΗΣ ΔΙΑΣΤΑΥΡΩΣΕΩΣ ΤΩΝ ΟΔΩΝ ΑΙΟΛΟΥ ΚΑΙ ΓΕΩΡΓΙΟΥ ΣΤΑΥΡΟΥ
(Ἔναντι τῆς Ἐθνικῆς Τραπέζης)
Εἰς τὸ νέον τοῦτο κατάστημα εὑρίσκεται πλουσία καὶ ἐκλεκτοτάτη ἀγορὰ ὑφασμάτων τῆς ἐποχῆς διὰ κουστούμια, σακάκια, ρεδιγκότες, ζακέτες, ἐπανωφόρια καὶ παντελόνια ἀνδρικά, κυριῶν καὶ παιδιῶν ἐκ τῶν καλυτέρων ἐργοστασίων.
Πωλήσεις ἔκπτωτοι. — Τιμαὶ ὡρισμέναι (PRIX FIXE)
